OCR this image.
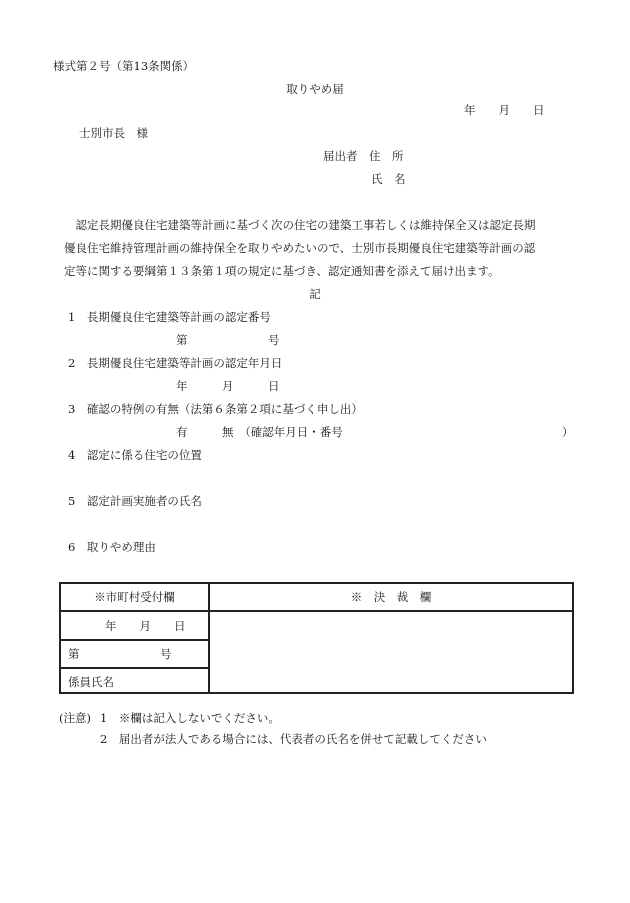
様式第２号（第13条関係）
取りやめ届
年　　月　　日
士別市長　様
届出者　住　所
氏　名
　認定長期優良住宅建築等計画に基づく次の住宅の建築工事若しくは維持保全又は認定長期
優良住宅維持管理計画の維持保全を取りやめたいので、士別市長期優良住宅建築等計画の認
定等に関する要綱第１３条第１項の規定に基づき、認定通知書を添えて届け出ます。
記
1　長期優良住宅建築等計画の認定番号
第　　　　　　　号
2　長期優良住宅建築等計画の認定年月日
年　　　月　　　日
3　確認の特例の有無（法第６条第２項に基づく申し出）
有　　　無　（確認年月日・番号	）
4　認定に係る住宅の位置
5　認定計画実施者の氏名
6　取りやめ理由
※市町村受付欄	※　決　裁　欄
年　　月　　日
第　　　　　　　号
係員氏名
(注意) 1　※欄は記入しないでください。
2　届出者が法人である場合には、代表者の氏名を併せて記載してください
